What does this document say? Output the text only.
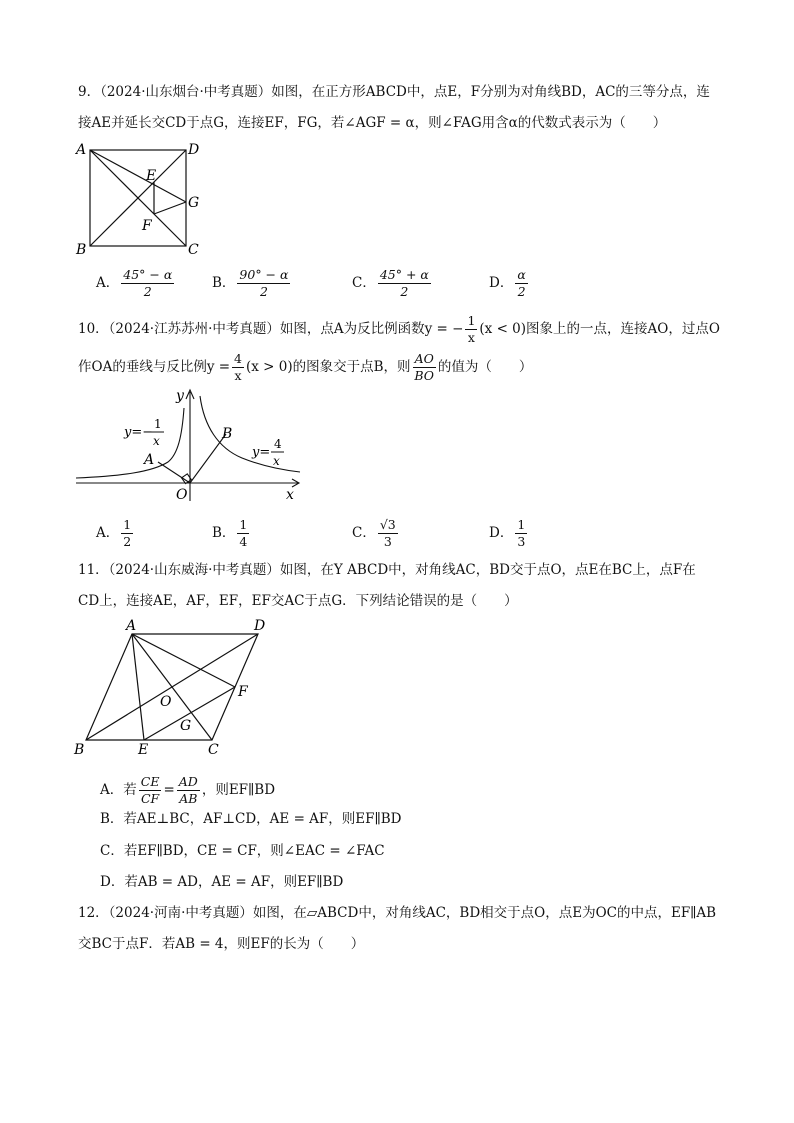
9．（2024·山东烟台·中考真题）如图，在正方形ABCD中，点E，F分别为对角线BD，AC的三等分点，连
接AE并延长交CD于点G，连接EF，FG，若∠AGF = α，则∠FAG用含α的代数式表示为（　　）
A	D
B	C
E
F
G
A． $\frac{45^\circ - \alpha}{2}$	B． $\frac{90^\circ - \alpha}{2}$	C． $\frac{45^\circ + \alpha}{2}$	D． $\frac{\alpha}{2}$
10．（2024·江苏苏州·中考真题）如图，点A为反比例函数y = − $\frac{1}{x} (x < 0)$图象上的一点，连接AO，过点O
作OA的垂线与反比例$y = \frac{4}{x} (x > 0)$的图象交于点B，则 $\frac{AO}{BO}$ 的值为（　　）
y
x
A
B
O
y=−
1
x
y=
4
x
A． $\frac{1}{2}$	B． $\frac{1}{4}$	C． $\frac{√3}{3}$	D． $\frac{1}{3}$
11．（2024·山东威海·中考真题）如图，在Y ABCD中，对角线AC，BD交于点O，点E在BC上，点F在
CD上，连接AE，AF，EF，EF交AC于点G．下列结论错误的是（　　）
A	D
B	E	C
F
O
G
A．若 $\frac{CE}{CF} = \frac{AD}{AB}$ ，则EF∥BD
B．若AE⊥BC，AF⊥CD，AE = AF，则EF∥BD
C．若EF∥BD，CE = CF，则∠EAC = ∠FAC
D．若AB = AD，AE = AF，则EF∥BD
12．（2024·河南·中考真题）如图，在▱ABCD中，对角线AC，BD相交于点O，点E为OC的中点，EF∥AB
交BC于点F．若AB = 4，则EF的长为（　　）
